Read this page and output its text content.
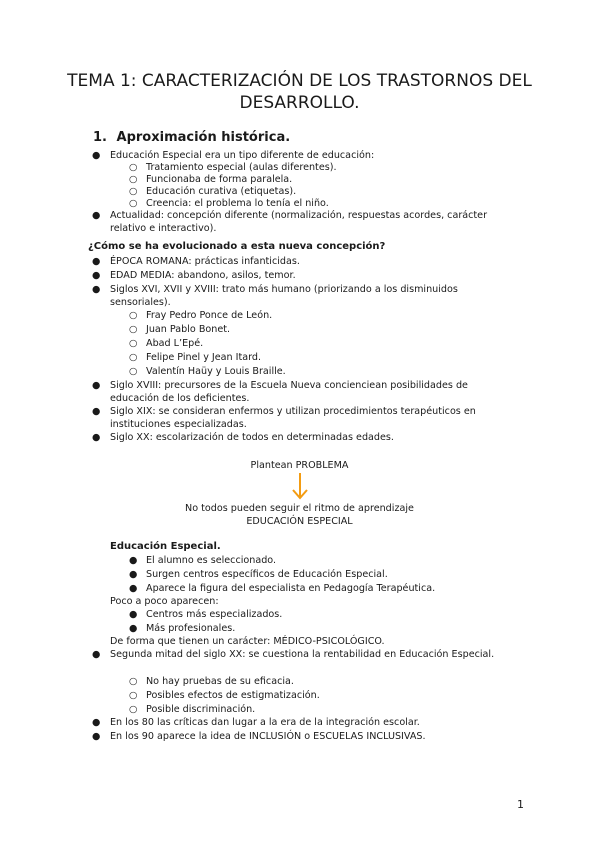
TEMA 1: CARACTERIZACIÓN DE LOS TRASTORNOS DEL DESARROLLO.
1. Aproximación histórica.
● Educación Especial era un tipo diferente de educación:
○ Tratamiento especial (aulas diferentes).
○ Funcionaba de forma paralela.
○ Educación curativa (etiquetas).
○ Creencia: el problema lo tenía el niño.
● Actualidad: concepción diferente (normalización, respuestas acordes, carácter relativo e interactivo).
¿Cómo se ha evolucionado a esta nueva concepción?
● ÉPOCA ROMANA: prácticas infanticidas.
● EDAD MEDIA: abandono, asilos, temor.
● Siglos XVI, XVII y XVIII: trato más humano (priorizando a los disminuidos sensoriales).
○ Fray Pedro Ponce de León.
○ Juan Pablo Bonet.
○ Abad L’Epé.
○ Felipe Pinel y Jean Itard.
○ Valentín Haüy y Louis Braille.
● Siglo XVIII: precursores de la Escuela Nueva concienciean posibilidades de educación de los deficientes.
● Siglo XIX: se consideran enfermos y utilizan procedimientos terapéuticos en instituciones especializadas.
● Siglo XX: escolarización de todos en determinadas edades.
Plantean PROBLEMA
No todos pueden seguir el ritmo de aprendizaje
EDUCACIÓN ESPECIAL
Educación Especial.
● El alumno es seleccionado.
● Surgen centros específicos de Educación Especial.
● Aparece la figura del especialista en Pedagogía Terapéutica.
Poco a poco aparecen:
● Centros más especializados.
● Más profesionales.
De forma que tienen un carácter: MÉDICO-PSICOLÓGICO.
● Segunda mitad del siglo XX: se cuestiona la rentabilidad en Educación Especial.
○ No hay pruebas de su eficacia.
○ Posibles efectos de estigmatización.
○ Posible discriminación.
● En los 80 las críticas dan lugar a la era de la integración escolar.
● En los 90 aparece la idea de INCLUSIÓN o ESCUELAS INCLUSIVAS.
1
